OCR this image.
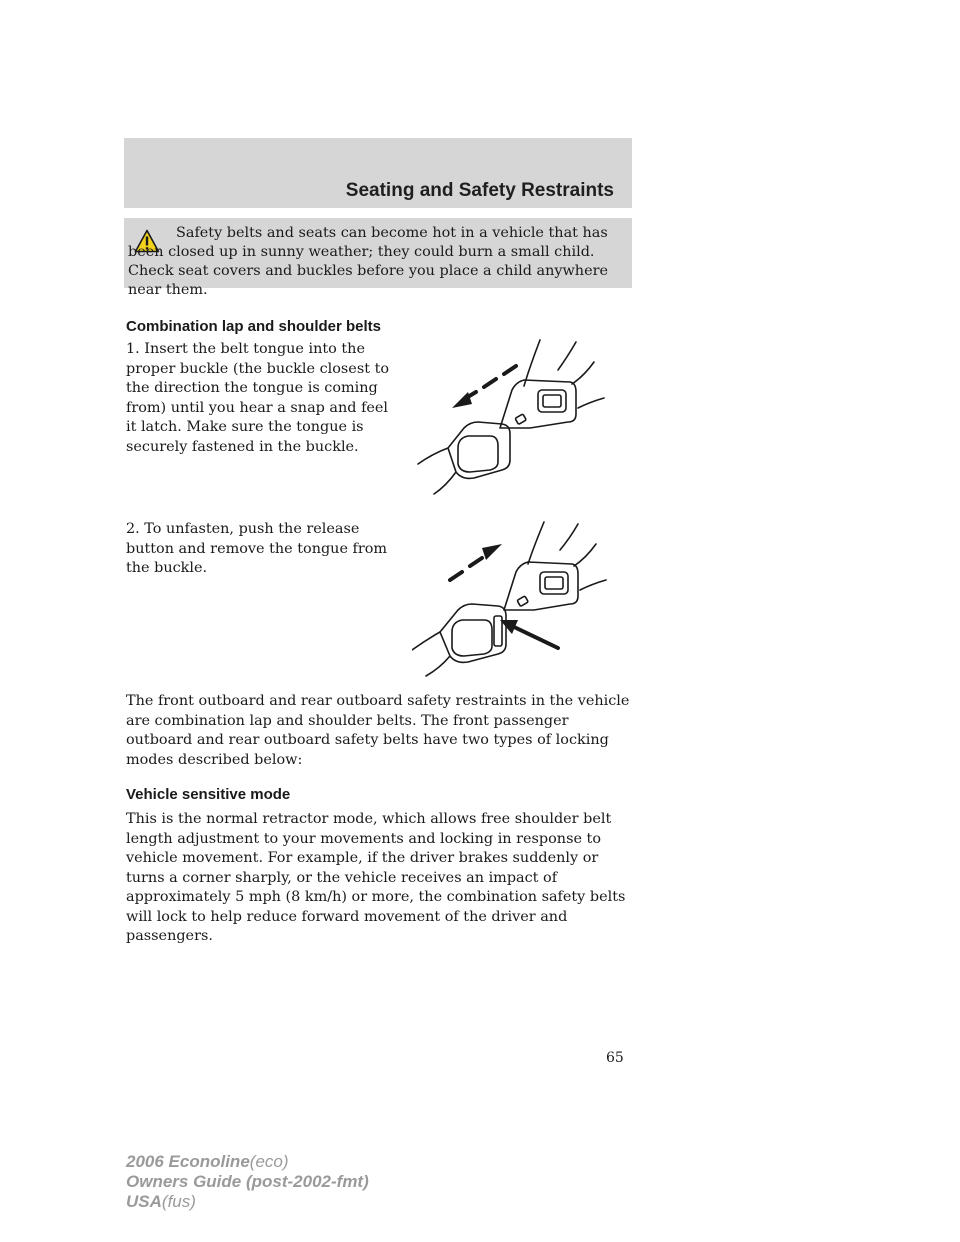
Seating and Safety Restraints
Safety belts and seats can become hot in a vehicle that has been closed up in sunny weather; they could burn a small child. Check seat covers and buckles before you place a child anywhere near them.
Combination lap and shoulder belts
1. Insert the belt tongue into the proper buckle (the buckle closest to the direction the tongue is coming from) until you hear a snap and feel it latch. Make sure the tongue is securely fastened in the buckle.
2. To unfasten, push the release button and remove the tongue from the buckle.
The front outboard and rear outboard safety restraints in the vehicle are combination lap and shoulder belts. The front passenger outboard and rear outboard safety belts have two types of locking modes described below:
Vehicle sensitive mode
This is the normal retractor mode, which allows free shoulder belt length adjustment to your movements and locking in response to vehicle movement. For example, if the driver brakes suddenly or turns a corner sharply, or the vehicle receives an impact of approximately 5 mph (8 km/h) or more, the combination safety belts will lock to help reduce forward movement of the driver and passengers.
65
2006 Econoline(eco)
Owners Guide (post-2002-fmt)
USA(fus)
